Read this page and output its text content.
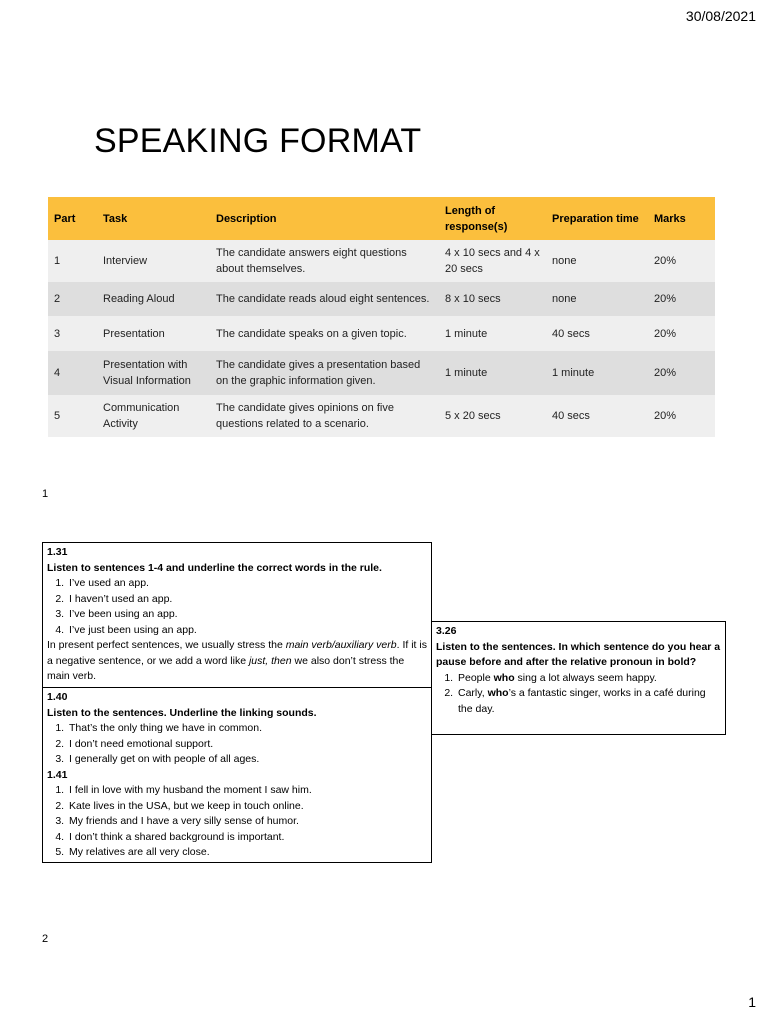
30/08/2021
SPEAKING FORMAT
Part	Task	Description	Length of response(s)	Preparation time	Marks
1	Interview	The candidate answers eight questions about themselves.	4 x 10 secs and 4 x 20 secs	none	20%
2	Reading Aloud	The candidate reads aloud eight sentences.	8 x 10 secs	none	20%
3	Presentation	The candidate speaks on a given topic.	1 minute	40 secs	20%
4	Presentation with Visual Information	The candidate gives a presentation based on the graphic information given.	1 minute	1 minute	20%
5	Communication Activity	The candidate gives opinions on five questions related to a scenario.	5 x 20 secs	40 secs	20%
1

1.31

Listen to sentences 1-4 and underline the correct words in the rule.

1. I’ve used an app.
2. I haven’t used an app.
3. I’ve been using an app.
4. I’ve just been using an app.

In present perfect sentences, we usually stress the main verb/auxiliary verb. If it is a negative sentence, or we add a word like just, then we also don’t stress the main verb.

1.40

Listen to the sentences. Underline the linking sounds.

1. That’s the only thing we have in common.
2. I don’t need emotional support.
3. I generally get on with people of all ages.

1.41

1. I fell in love with my husband the moment I saw him.
2. Kate lives in the USA, but we keep in touch online.
3. My friends and I have a very silly sense of humor.
4. I don’t think a shared background is important.
5. My relatives are all very close.

3.26

Listen to the sentences. In which sentence do you hear a pause before and after the relative pronoun in bold?

1. People who sing a lot always seem happy.
2. Carly, who’s a fantastic singer, works in a café during the day.
2
1
